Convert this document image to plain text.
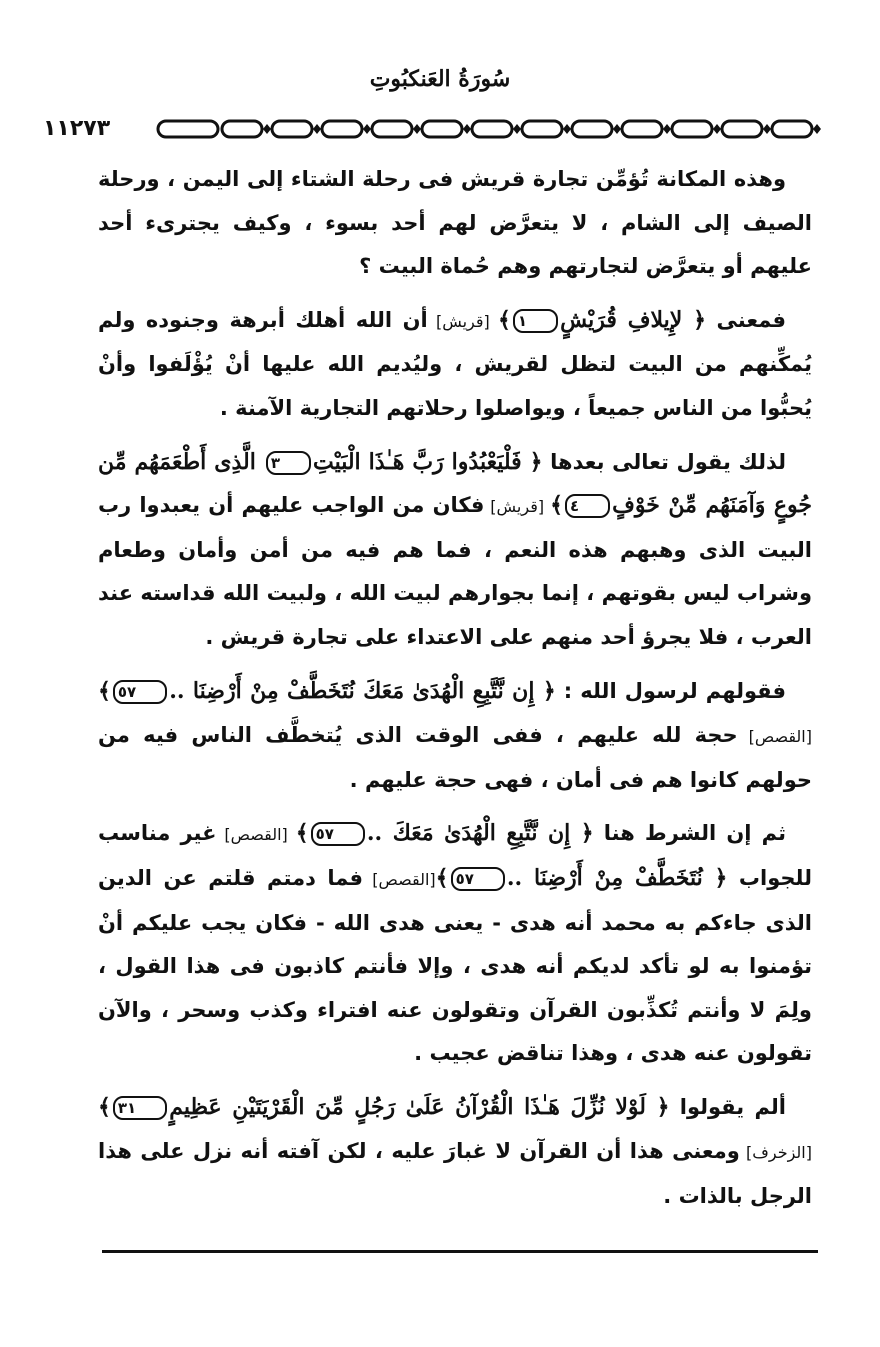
سُورَةُ العَنكبُوتِ
١١٢٧٣

وهذه المكانة تُؤمِّن تجارة قريش فى رحلة الشتاء إلى اليمن ، ورحلة الصيف إلى الشام ، لا يتعرَّض لهم أحد بسوء ، وكيف يجترىء أحد عليهم أو يتعرَّض لتجارتهم وهم حُماة البيت ؟

فمعنى ﴿ لإِيلافِ قُرَيْشٍ١﴾ [قريش] أن الله أهلك أبرهة وجنوده ولم يُمكِّنهم من البيت لتظل لقريش ، وليُديم الله عليها أنْ يُؤْلَفوا وأنْ يُحبُّوا من الناس جميعاً ، ويواصلوا رحلاتهم التجارية الآمنة .

لذلك يقول تعالى بعدها ﴿ فَلْيَعْبُدُوا رَبَّ هَـٰذَا الْبَيْتِ٣ الَّذِى أَطْعَمَهُم مِّن جُوعٍ وَآمَنَهُم مِّنْ خَوْفٍ٤﴾ [قريش] فكان من الواجب عليهم أن يعبدوا رب البيت الذى وهبهم هذه النعم ، فما هم فيه من أمن وأمان وطعام وشراب ليس بقوتهم ، إنما بجوارهم لبيت الله ، ولبيت الله قداسته عند العرب ، فلا يجرؤ أحد منهم على الاعتداء على تجارة قريش .

فقولهم لرسول الله : ﴿ إِن نَّتَّبِعِ الْهُدَىٰ مَعَكَ نُتَخَطَّفْ مِنْ أَرْضِنَا ..٥٧﴾ [القصص] حجة لله عليهم ، ففى الوقت الذى يُتخطَّف الناس فيه من حولهم كانوا هم فى أمان ، فهى حجة عليهم .

ثم إن الشرط هنا ﴿ إِن نَّتَّبِعِ الْهُدَىٰ مَعَكَ ..٥٧﴾ [القصص] غير مناسب للجواب ﴿ نُتَخَطَّفْ مِنْ أَرْضِنَا ..٥٧﴾[القصص] فما دمتم قلتم عن الدين الذى جاءكم به محمد أنه هدى - يعنى هدى الله - فكان يجب عليكم أنْ تؤمنوا به لو تأكد لديكم أنه هدى ، وإلا فأنتم كاذبون فى هذا القول ، ولِمَ لا وأنتم تُكذِّبون القرآن وتقولون عنه افتراء وكذب وسحر ، والآن تقولون عنه هدى ، وهذا تناقض عجيب .

ألم يقولوا ﴿ لَوْلا نُزِّلَ هَـٰذَا الْقُرْآنُ عَلَىٰ رَجُلٍ مِّنَ الْقَرْيَتَيْنِ عَظِيمٍ٣١﴾ [الزخرف] ومعنى هذا أن القرآن لا غبارَ عليه ، لكن آفته أنه نزل على هذا الرجل بالذات .
